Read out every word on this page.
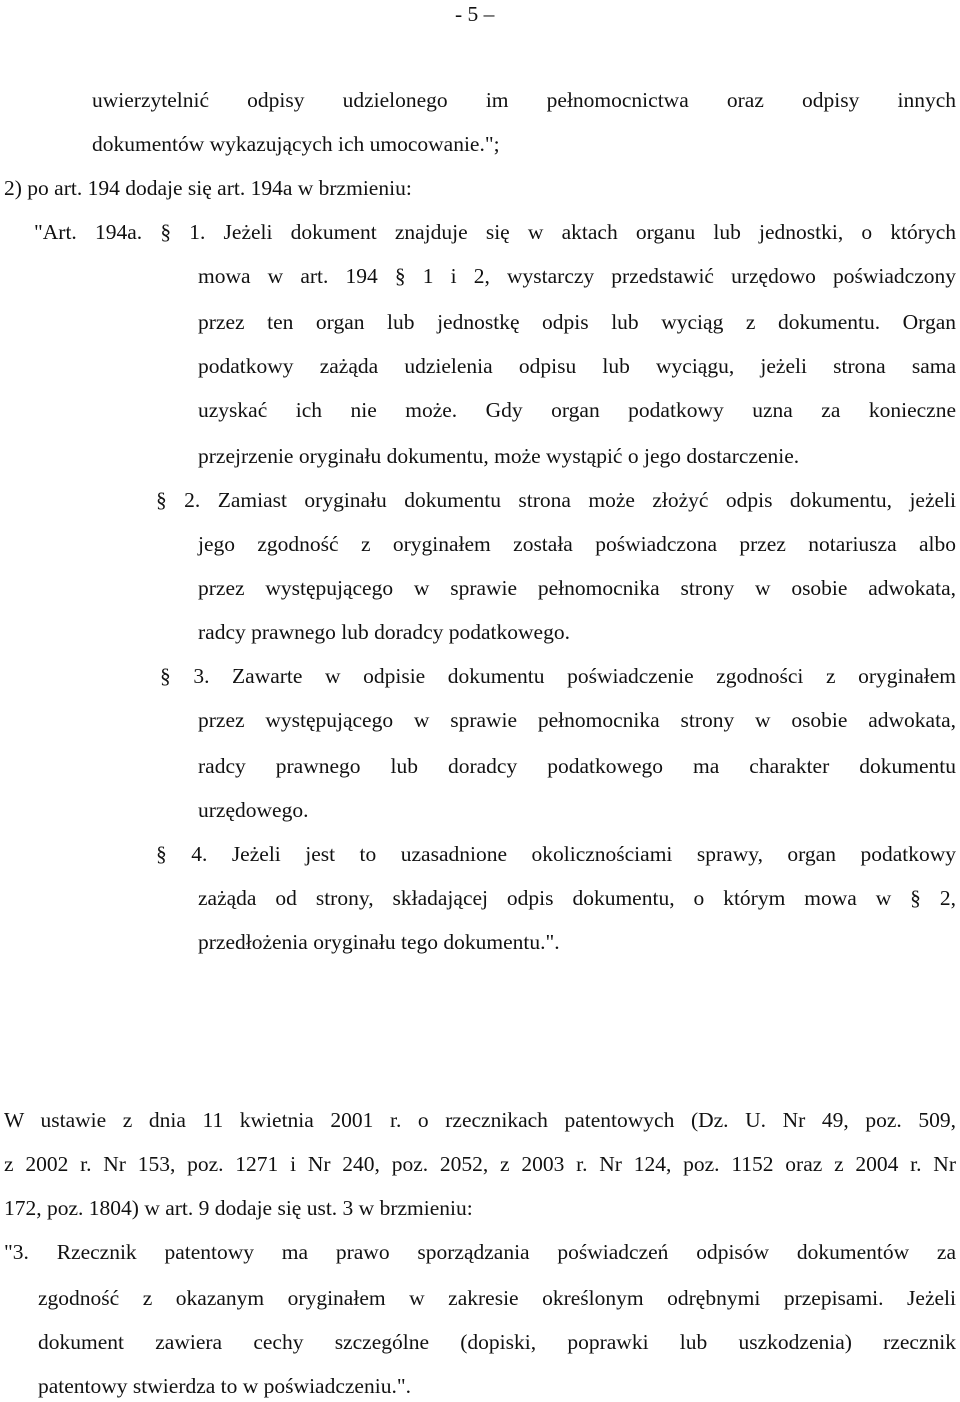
- 5 –
uwierzytelnić odpisy udzielonego im pełnomocnictwa oraz odpisy innych
dokumentów wykazujących ich umocowanie.";
2) po art. 194 dodaje się art. 194a w brzmieniu:
"Art. 194a. § 1. Jeżeli dokument znajduje się w aktach organu lub jednostki, o których
mowa w art. 194 § 1 i 2, wystarczy przedstawić urzędowo poświadczony
przez ten organ lub jednostkę odpis lub wyciąg z dokumentu. Organ
podatkowy zażąda udzielenia odpisu lub wyciągu, jeżeli strona sama
uzyskać ich nie może. Gdy organ podatkowy uzna za konieczne
przejrzenie oryginału dokumentu, może wystąpić o jego dostarczenie.
§ 2. Zamiast oryginału dokumentu strona może złożyć odpis dokumentu, jeżeli
jego zgodność z oryginałem została poświadczona przez notariusza albo
przez występującego w sprawie pełnomocnika strony w osobie adwokata,
radcy prawnego lub doradcy podatkowego.
§ 3. Zawarte w odpisie dokumentu poświadczenie zgodności z oryginałem
przez występującego w sprawie pełnomocnika strony w osobie adwokata,
radcy prawnego lub doradcy podatkowego ma charakter dokumentu
urzędowego.
§ 4. Jeżeli jest to uzasadnione okolicznościami sprawy, organ podatkowy
zażąda od strony, składającej odpis dokumentu, o którym mowa w § 2,
przedłożenia oryginału tego dokumentu.".
W ustawie z dnia 11 kwietnia 2001 r. o rzecznikach patentowych (Dz. U. Nr 49, poz. 509,
z 2002 r. Nr 153, poz. 1271 i Nr 240, poz. 2052, z 2003 r. Nr 124, poz. 1152 oraz z 2004 r. Nr
172, poz. 1804) w art. 9 dodaje się ust. 3 w brzmieniu:
"3. Rzecznik patentowy ma prawo sporządzania poświadczeń odpisów dokumentów za
zgodność z okazanym oryginałem w zakresie określonym odrębnymi przepisami. Jeżeli
dokument zawiera cechy szczególne (dopiski, poprawki lub uszkodzenia) rzecznik
patentowy stwierdza to w poświadczeniu.".
